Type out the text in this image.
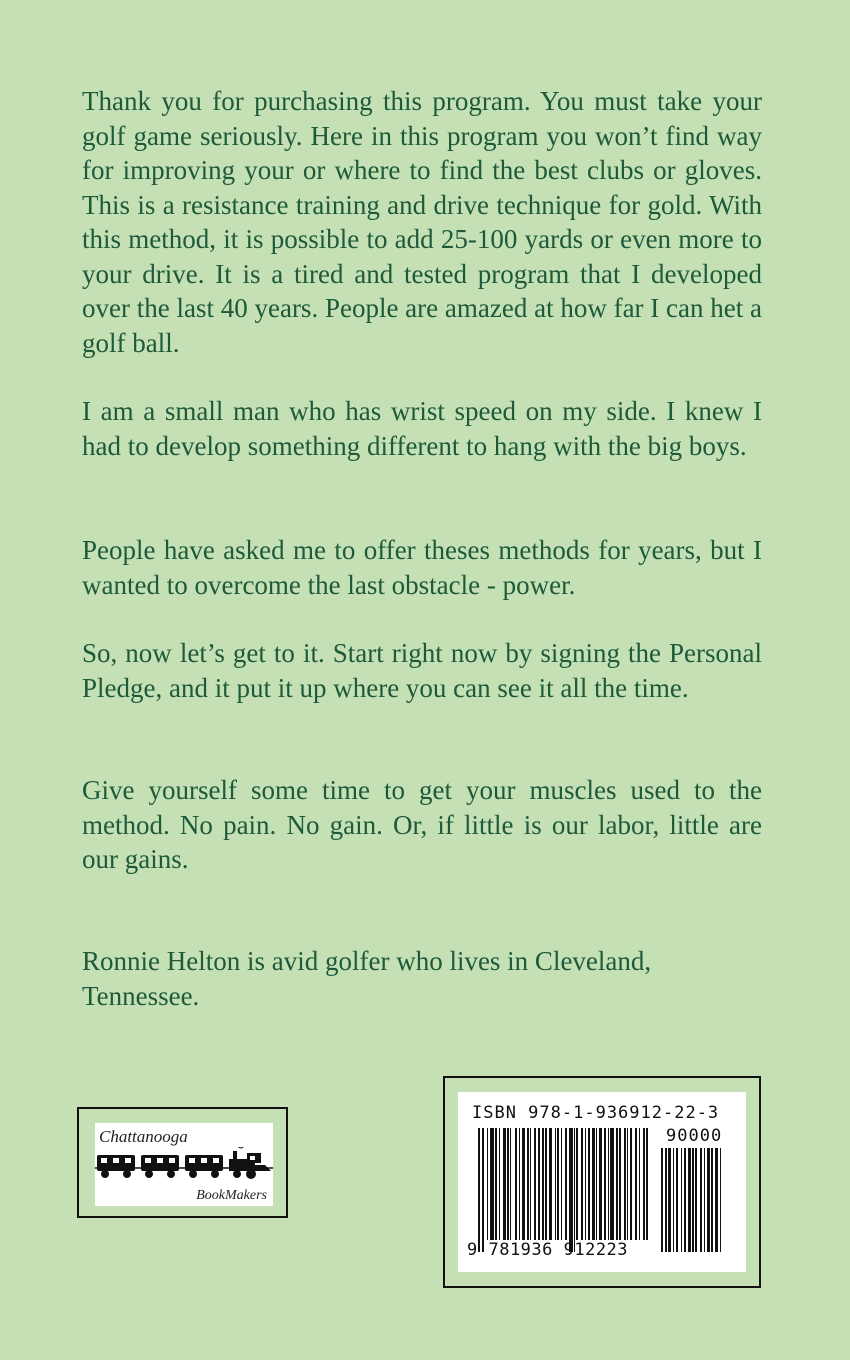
Thank you for purchasing this program. You must take your golf game seriously. Here in this program you won’t find way for improving your or where to find the best clubs or gloves. This is a resistance training and drive technique for gold. With this method, it is possible to add 25-100 yards or even more to your drive. It is a tired and tested program that I developed over the last 40 years. People are amazed at how far I can het a golf ball.

I am a small man who has wrist speed on my side. I knew I had to develop something different to hang with the big boys.

People have asked me to offer theses methods for years, but I wanted to overcome the last obstacle - power.

So, now let’s get to it. Start right now by signing the Personal Pledge, and it put it up where you can see it all the time.

Give yourself some time to get your muscles used to the method. No pain. No gain. Or, if little is our labor, little are our gains.

Ronnie Helton is avid golfer who lives in Cleveland, Tennessee.

Chattanooga
BookMakers
ISBN 978-1-936912-22-3
90000
9 781936 912223
